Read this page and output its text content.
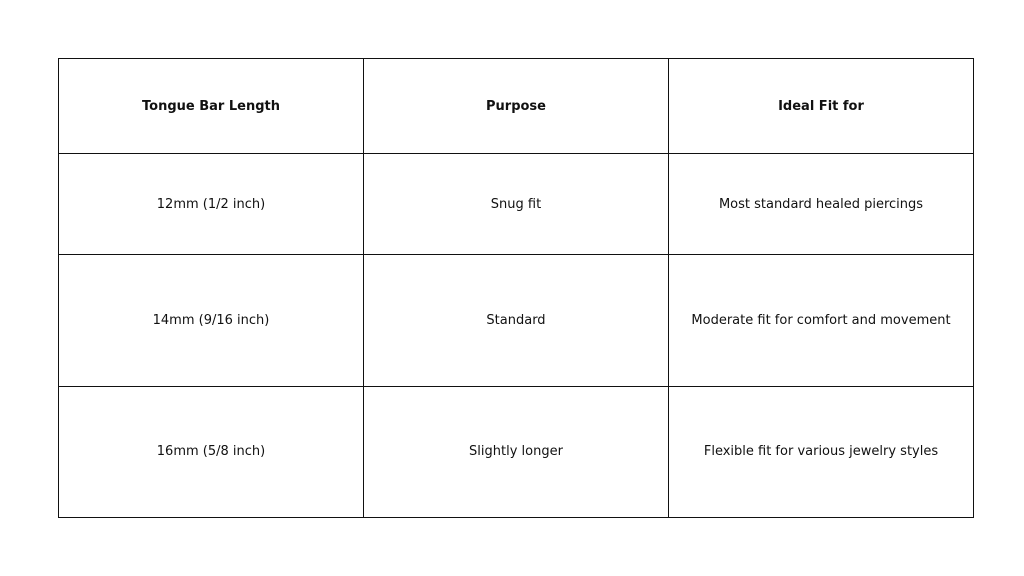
Tongue Bar Length	Purpose	Ideal Fit for
12mm (1/2 inch)	Snug fit	Most standard healed piercings
14mm (9/16 inch)	Standard	Moderate fit for comfort and movement
16mm (5/8 inch)	Slightly longer	Flexible fit for various jewelry styles
